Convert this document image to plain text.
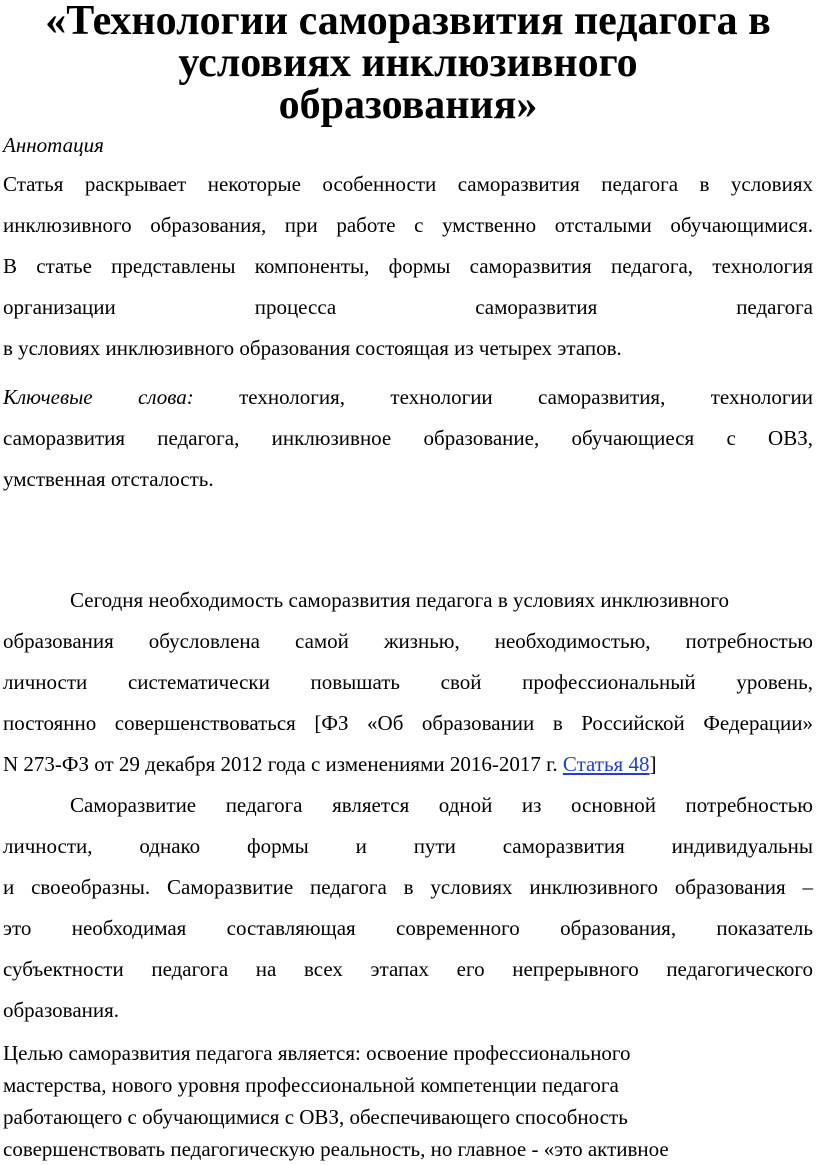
«Технологии саморазвития педагога в условиях инклюзивного
образования»

Аннотация

Статья раскрывает некоторые особенности саморазвития педагога в условиях
инклюзивного образования, при работе с умственно отсталыми обучающимися.
В статье представлены компоненты, формы саморазвития педагога, технология
организации процесса саморазвития педагога
в условиях инклюзивного образования состоящая из четырех этапов.

Ключевые слова: технология, технологии саморазвития, технологии
саморазвития педагога, инклюзивное образование, обучающиеся с ОВЗ,
умственная отсталость.

Сегодня необходимость саморазвития педагога в условиях инклюзивного
образования обусловлена самой жизнью, необходимостью, потребностью
личности систематически повышать свой профессиональный уровень,
постоянно совершенствоваться [ФЗ «Об образовании в Российской Федерации»
N 273-ФЗ от 29 декабря 2012 года с изменениями 2016-2017 г. Статья 48]

Саморазвитие педагога является одной из основной потребностью
личности, однако формы и пути саморазвития индивидуальны
и своеобразны. Саморазвитие педагога в условиях инклюзивного образования –
это необходимая составляющая современного образования, показатель
субъектности педагога на всех этапах его непрерывного педагогического
образования.

Целью саморазвития педагога является: освоение профессионального
мастерства, нового уровня профессиональной компетенции педагога
работающего с обучающимися с ОВЗ, обеспечивающего способность
совершенствовать педагогическую реальность, но главное - «это активное
